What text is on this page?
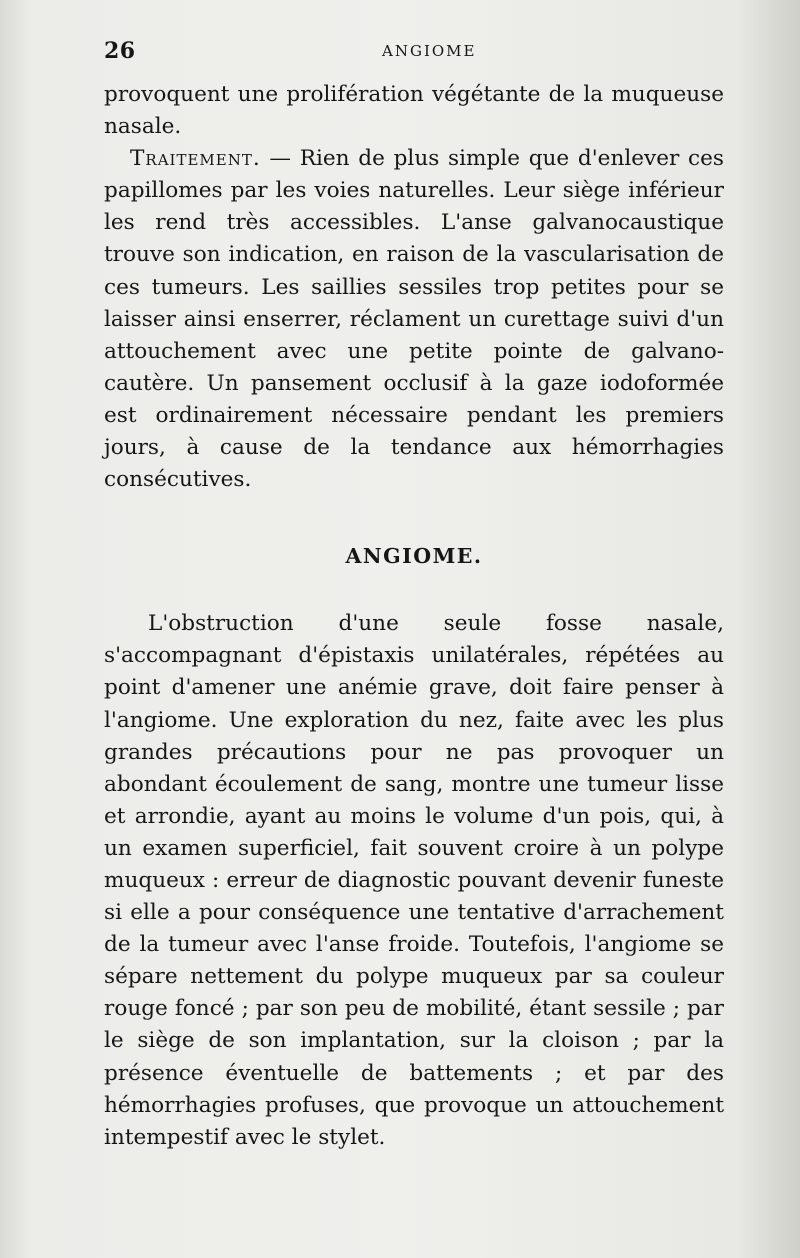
26	ANGIOME

provoquent une prolifération végétante de la muqueuse nasale.

Traitement. — Rien de plus simple que d'enlever ces papillomes par les voies naturelles. Leur siège inférieur les rend très accessibles. L'anse galvanocaustique trouve son indication, en raison de la vascularisation de ces tumeurs. Les saillies sessiles trop petites pour se laisser ainsi enserrer, réclament un curettage suivi d'un attouchement avec une petite pointe de galvano-cautère. Un pansement occlusif à la gaze iodoformée est ordinairement nécessaire pendant les premiers jours, à cause de la tendance aux hémorrhagies consécutives.

ANGIOME.

L'obstruction d'une seule fosse nasale, s'accompagnant d'épistaxis unilatérales, répétées au point d'amener une anémie grave, doit faire penser à l'angiome. Une exploration du nez, faite avec les plus grandes précautions pour ne pas provoquer un abondant écoulement de sang, montre une tumeur lisse et arrondie, ayant au moins le volume d'un pois, qui, à un examen superficiel, fait souvent croire à un polype muqueux : erreur de diagnostic pouvant devenir funeste si elle a pour conséquence une tentative d'arrachement de la tumeur avec l'anse froide. Toutefois, l'angiome se sépare nettement du polype muqueux par sa couleur rouge foncé ; par son peu de mobilité, étant sessile ; par le siège de son implantation, sur la cloison ; par la présence éventuelle de battements ; et par des hémorrhagies profuses, que provoque un attouchement intempestif avec le stylet.
